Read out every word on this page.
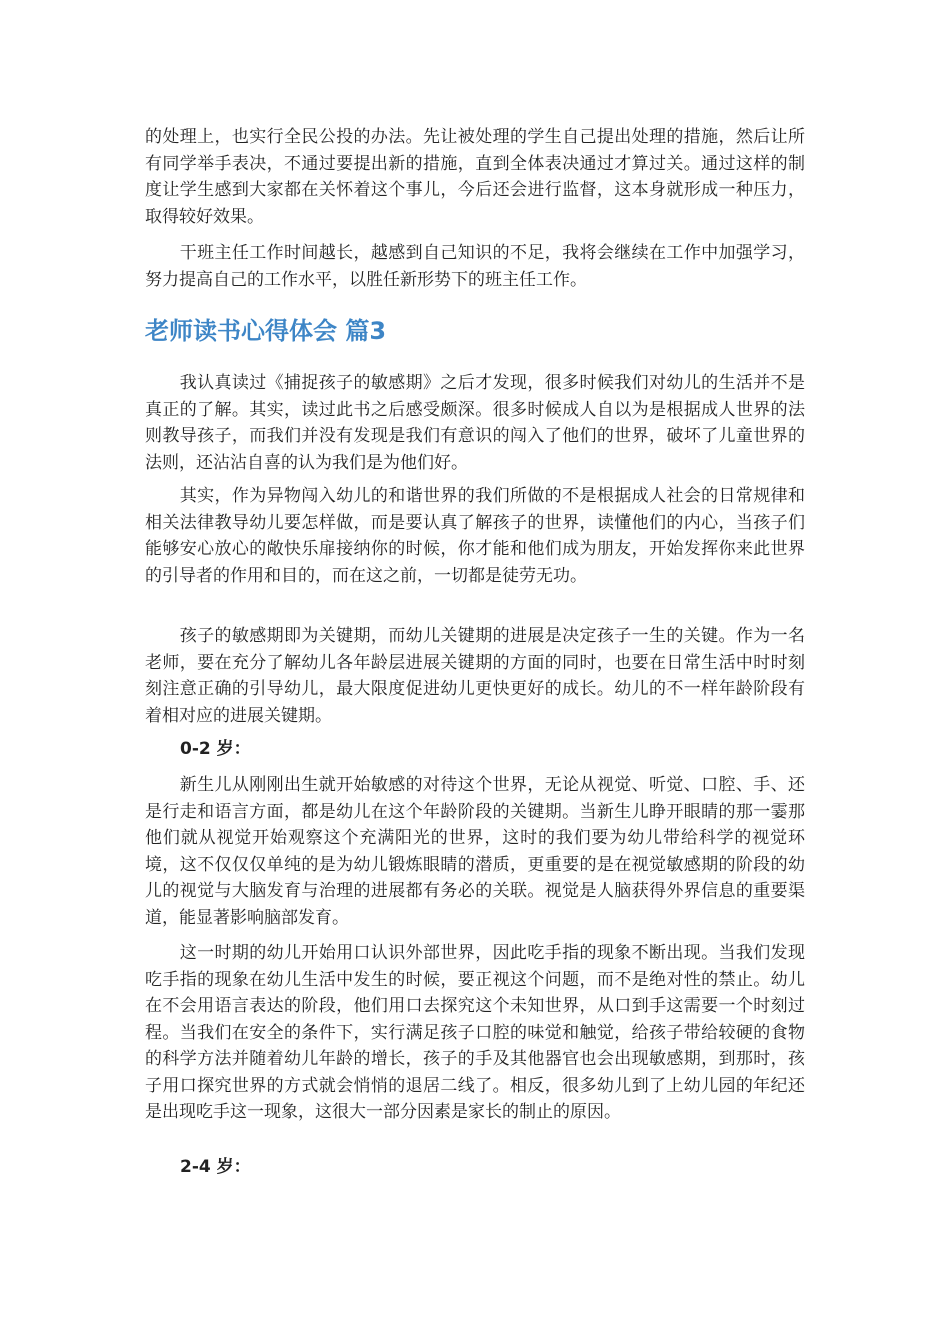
的处理上，也实行全民公投的办法。先让被处理的学生自己提出处理的措施，然后让所有同学举手表决，不通过要提出新的措施，直到全体表决通过才算过关。通过这样的制度让学生感到大家都在关怀着这个事儿，今后还会进行监督，这本身就形成一种压力，取得较好效果。

　　干班主任工作时间越长，越感到自己知识的不足，我将会继续在工作中加强学习，努力提高自己的工作水平，以胜任新形势下的班主任工作。

老师读书心得体会 篇3

　　我认真读过《捕捉孩子的敏感期》之后才发现，很多时候我们对幼儿的生活并不是真正的了解。其实，读过此书之后感受颇深。很多时候成人自以为是根据成人世界的法则教导孩子，而我们并没有发现是我们有意识的闯入了他们的世界，破坏了儿童世界的法则，还沾沾自喜的认为我们是为他们好。

　　其实，作为异物闯入幼儿的和谐世界的我们所做的不是根据成人社会的日常规律和相关法律教导幼儿要怎样做，而是要认真了解孩子的世界，读懂他们的内心，当孩子们能够安心放心的敞快乐扉接纳你的时候，你才能和他们成为朋友，开始发挥你来此世界的引导者的作用和目的，而在这之前，一切都是徒劳无功。

　　孩子的敏感期即为关键期，而幼儿关键期的进展是决定孩子一生的关键。作为一名老师，要在充分了解幼儿各年龄层进展关键期的方面的同时，也要在日常生活中时时刻刻注意正确的引导幼儿，最大限度促进幼儿更快更好的成长。幼儿的不一样年龄阶段有着相对应的进展关键期。

0-2 岁：

　　新生儿从刚刚出生就开始敏感的对待这个世界，无论从视觉、听觉、口腔、手、还是行走和语言方面，都是幼儿在这个年龄阶段的关键期。当新生儿睁开眼睛的那一霎那他们就从视觉开始观察这个充满阳光的世界，这时的我们要为幼儿带给科学的视觉环境，这不仅仅仅单纯的是为幼儿锻炼眼睛的潜质，更重要的是在视觉敏感期的阶段的幼儿的视觉与大脑发育与治理的进展都有务必的关联。视觉是人脑获得外界信息的重要渠道，能显著影响脑部发育。

　　这一时期的幼儿开始用口认识外部世界，因此吃手指的现象不断出现。当我们发现吃手指的现象在幼儿生活中发生的时候，要正视这个问题，而不是绝对性的禁止。幼儿在不会用语言表达的阶段，他们用口去探究这个未知世界，从口到手这需要一个时刻过程。当我们在安全的条件下，实行满足孩子口腔的味觉和触觉，给孩子带给较硬的食物的科学方法并随着幼儿年龄的增长，孩子的手及其他器官也会出现敏感期，到那时，孩子用口探究世界的方式就会悄悄的退居二线了。相反，很多幼儿到了上幼儿园的年纪还是出现吃手这一现象，这很大一部分因素是家长的制止的原因。

2-4 岁：
